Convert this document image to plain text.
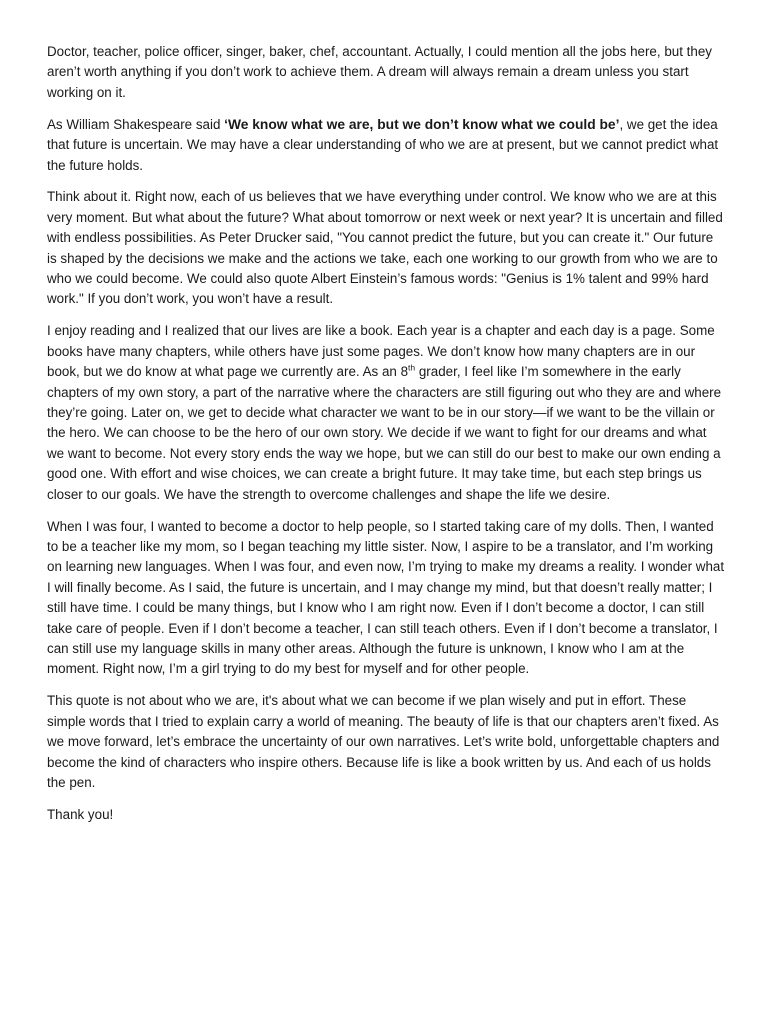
Doctor, teacher, police officer, singer, baker, chef, accountant. Actually, I could mention all the jobs here, but they aren’t worth anything if you don’t work to achieve them. A dream will always remain a dream unless you start working on it.

As William Shakespeare said ‘We know what we are, but we don’t know what we could be’, we get the idea that future is uncertain. We may have a clear understanding of who we are at present, but we cannot predict what the future holds.

Think about it. Right now, each of us believes that we have everything under control. We know who we are at this very moment. But what about the future? What about tomorrow or next week or next year? It is uncertain and filled with endless possibilities. As Peter Drucker said, "You cannot predict the future, but you can create it." Our future is shaped by the decisions we make and the actions we take, each one working to our growth from who we are to who we could become. We could also quote Albert Einstein’s famous words: "Genius is 1% talent and 99% hard work." If you don’t work, you won’t have a result.

I enjoy reading and I realized that our lives are like a book. Each year is a chapter and each day is a page. Some books have many chapters, while others have just some pages. We don’t know how many chapters are in our book, but we do know at what page we currently are. As an 8th grader, I feel like I’m somewhere in the early chapters of my own story, a part of the narrative where the characters are still figuring out who they are and where they’re going. Later on, we get to decide what character we want to be in our story—if we want to be the villain or the hero. We can choose to be the hero of our own story. We decide if we want to fight for our dreams and what we want to become. Not every story ends the way we hope, but we can still do our best to make our own ending a good one. With effort and wise choices, we can create a bright future. It may take time, but each step brings us closer to our goals. We have the strength to overcome challenges and shape the life we desire.

When I was four, I wanted to become a doctor to help people, so I started taking care of my dolls. Then, I wanted to be a teacher like my mom, so I began teaching my little sister. Now, I aspire to be a translator, and I’m working on learning new languages. When I was four, and even now, I’m trying to make my dreams a reality. I wonder what I will finally become. As I said, the future is uncertain, and I may change my mind, but that doesn’t really matter; I still have time. I could be many things, but I know who I am right now. Even if I don’t become a doctor, I can still take care of people. Even if I don’t become a teacher, I can still teach others. Even if I don’t become a translator, I can still use my language skills in many other areas. Although the future is unknown, I know who I am at the moment. Right now, I’m a girl trying to do my best for myself and for other people.

This quote is not about who we are, it's about what we can become if we plan wisely and put in effort. These simple words that I tried to explain carry a world of meaning. The beauty of life is that our chapters aren’t fixed. As we move forward, let’s embrace the uncertainty of our own narratives. Let’s write bold, unforgettable chapters and become the kind of characters who inspire others. Because life is like a book written by us. And each of us holds the pen.

Thank you!
